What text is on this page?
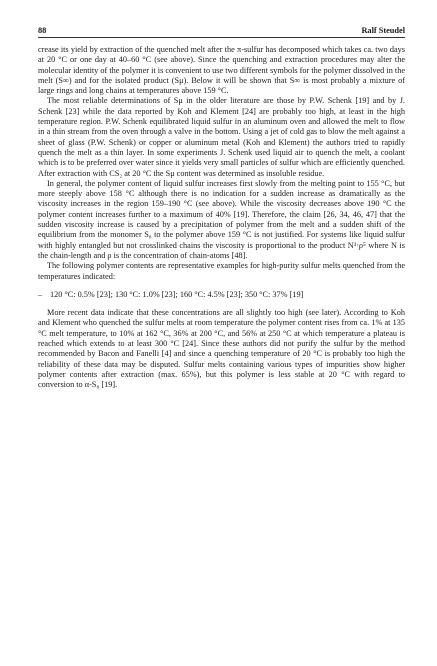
88	Ralf Steudel

crease its yield by extraction of the quenched melt after the π-sulfur has decomposed which takes ca. two days at 20 °C or one day at 40–60 °C (see above). Since the quenching and extraction procedures may alter the molecular identity of the polymer it is convenient to use two different symbols for the polymer dissolved in the melt (S∞) and for the isolated product (Sμ). Below it will be shown that S∞ is most probably a mixture of large rings and long chains at temperatures above 159 °C.

The most reliable determinations of Sμ in the older literature are those by P.W. Schenk [19] and by J. Schenk [23] while the data reported by Koh and Klement [24] are probably too high, at least in the high temperature region. P.W. Schenk equilibrated liquid sulfur in an aluminum oven and allowed the melt to flow in a thin stream from the oven through a valve in the bottom. Using a jet of cold gas to blow the melt against a sheet of glass (P.W. Schenk) or copper or aluminum metal (Koh and Klement) the authors tried to rapidly quench the melt as a thin layer. In some experiments J. Schenk used liquid air to quench the melt, a coolant which is to be preferred over water since it yields very small particles of sulfur which are efficiently quenched. After extraction with CS₂ at 20 °C the Sμ content was determined as insoluble residue.

In general, the polymer content of liquid sulfur increases first slowly from the melting point to 155 °C, but more steeply above 158 °C although there is no indication for a sudden increase as dramatically as the viscosity increases in the region 159–190 °C (see above). While the viscosity decreases above 190 °C the polymer content increases further to a maximum of 40% [19]. Therefore, the claim [26, 34, 46, 47] that the sudden viscosity increase is caused by a precipitation of polymer from the melt and a sudden shift of the equilibrium from the monomer S₈ to the polymer above 159 °C is not justified. For systems like liquid sulfur with highly entangled but not crosslinked chains the viscosity is proportional to the product N³·ρ⁵ where N is the chain-length and ρ is the concentration of chain-atoms [48].

The following polymer contents are representative examples for high-purity sulfur melts quenched from the temperatures indicated:

– 120 °C: 0.5% [23]; 130 °C: 1.0% [23]; 160 °C: 4.5% [23]; 350 °C: 37% [19]

More recent data indicate that these concentrations are all slightly too high (see later). According to Koh and Klement who quenched the sulfur melts at room temperature the polymer content rises from ca. 1% at 135 °C melt temperature, to 10% at 162 °C, 36% at 200 °C, and 56% at 250 °C at which temperature a plateau is reached which extends to at least 300 °C [24]. Since these authors did not purify the sulfur by the method recommended by Bacon and Fanelli [4] and since a quenching temperature of 20 °C is probably too high the reliability of these data may be disputed. Sulfur melts containing various types of impurities show higher polymer contents after extraction (max. 65%), but this polymer is less stable at 20 °C with regard to conversion to α-S₈ [19].
